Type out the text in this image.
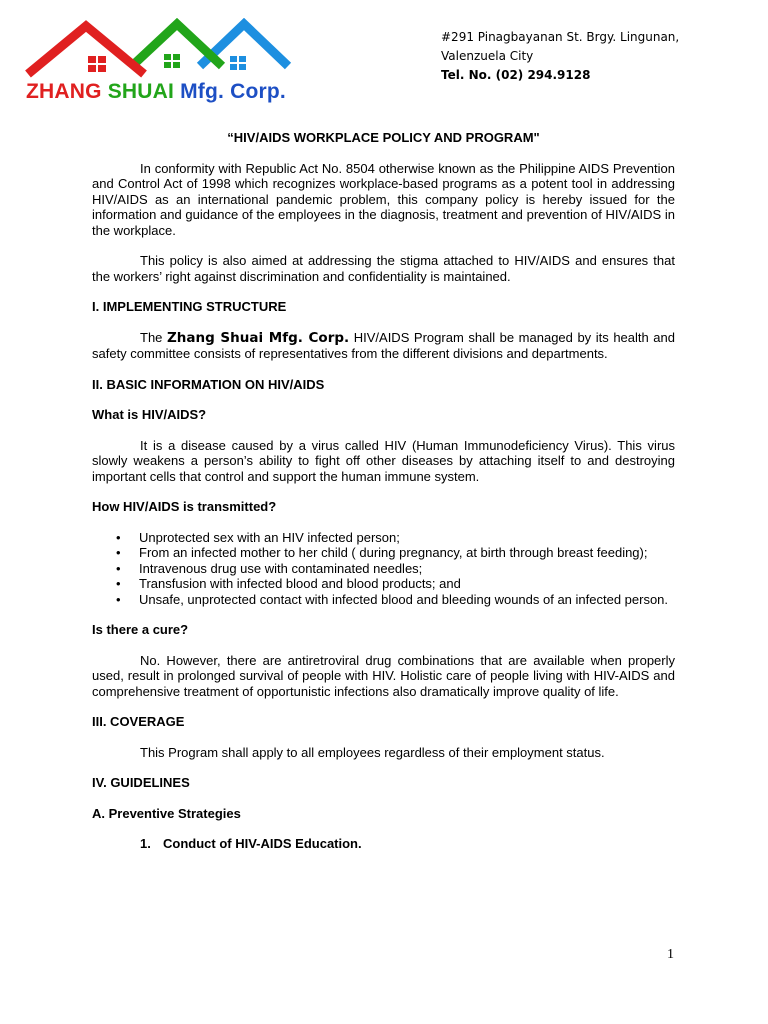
ZHANG SHUAI Mfg. Corp.
#291 Pinagbayanan St. Brgy. Lingunan,
Valenzuela City
Tel. No. (02) 294.9128
“HIV/AIDS WORKPLACE POLICY AND PROGRAM"

In conformity with Republic Act No. 8504 otherwise known as the Philippine AIDS Prevention and Control Act of 1998 which recognizes workplace-based programs as a potent tool in addressing HIV/AIDS as an international pandemic problem, this company policy is hereby issued for the information and guidance of the employees in the diagnosis, treatment and prevention of HIV/AIDS in the workplace.

This policy is also aimed at addressing the stigma attached to HIV/AIDS and ensures that the workers’ right against discrimination and confidentiality is maintained.

I. IMPLEMENTING STRUCTURE

The Zhang Shuai Mfg. Corp. HIV/AIDS Program shall be managed by its health and safety committee consists of representatives from the different divisions and departments.

II. BASIC INFORMATION ON HIV/AIDS
What is HIV/AIDS?

It is a disease caused by a virus called HIV (Human Immunodeficiency Virus). This virus slowly weakens a person’s ability to fight off other diseases by attaching itself to and destroying important cells that control and support the human immune system.

How HIV/AIDS is transmitted?
• Unprotected sex with an HIV infected person;
• From an infected mother to her child ( during pregnancy, at birth through breast feeding);
• Intravenous drug use with contaminated needles;
• Transfusion with infected blood and blood products; and
• Unsafe, unprotected contact with infected blood and bleeding wounds of an infected person.
Is there a cure?

No. However, there are antiretroviral drug combinations that are available when properly used, result in prolonged survival of people with HIV. Holistic care of people living with HIV-AIDS and comprehensive treatment of opportunistic infections also dramatically improve quality of life.

III. COVERAGE

This Program shall apply to all employees regardless of their employment status.

IV. GUIDELINES
A. Preventive Strategies
1. Conduct of HIV-AIDS Education.
1
